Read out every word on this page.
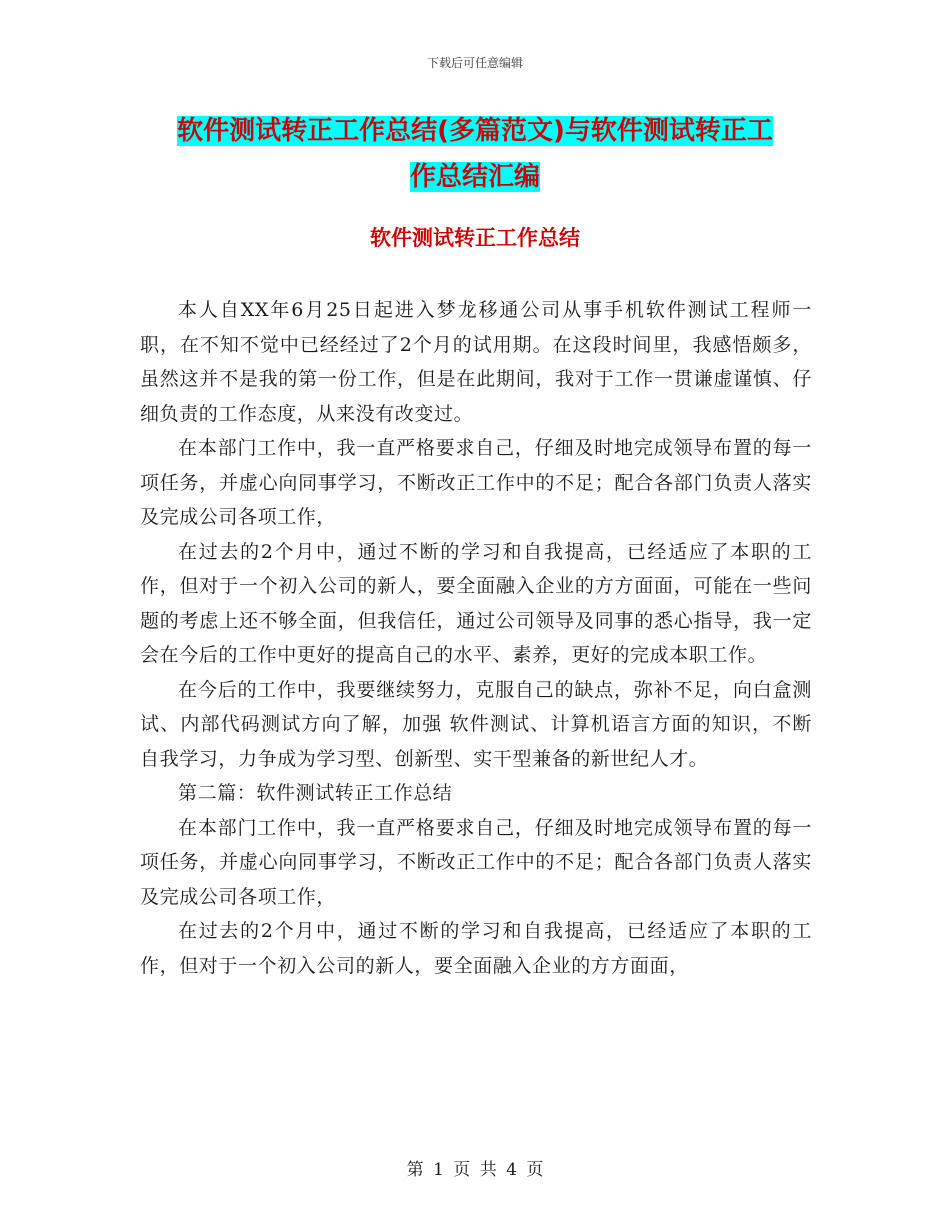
下载后可任意编辑
软件测试转正工作总结(多篇范文)与软件测试转正工
作总结汇编
软件测试转正工作总结

本人自XX年6月25日起进入梦龙移通公司从事手机软件测试工程师一职，在不知不觉中已经经过了2个月的试用期。在这段时间里，我感悟颇多，虽然这并不是我的第一份工作，但是在此期间，我对于工作一贯谦虚谨慎、仔细负责的工作态度，从来没有改变过。

在本部门工作中，我一直严格要求自己，仔细及时地完成领导布置的每一项任务，并虚心向同事学习，不断改正工作中的不足；配合各部门负责人落实及完成公司各项工作，

在过去的2个月中，通过不断的学习和自我提高，已经适应了本职的工作，但对于一个初入公司的新人，要全面融入企业的方方面面，可能在一些问题的考虑上还不够全面，但我信任，通过公司领导及同事的悉心指导，我一定会在今后的工作中更好的提高自己的水平、素养，更好的完成本职工作。

在今后的工作中，我要继续努力，克服自己的缺点，弥补不足，向白盒测试、内部代码测试方向了解，加强 软件测试、计算机语言方面的知识，不断自我学习，力争成为学习型、创新型、实干型兼备的新世纪人才。

第二篇：软件测试转正工作总结

在本部门工作中，我一直严格要求自己，仔细及时地完成领导布置的每一项任务，并虚心向同事学习，不断改正工作中的不足；配合各部门负责人落实及完成公司各项工作，

在过去的2个月中，通过不断的学习和自我提高，已经适应了本职的工作，但对于一个初入公司的新人，要全面融入企业的方方面面，

第 1 页 共 4 页
